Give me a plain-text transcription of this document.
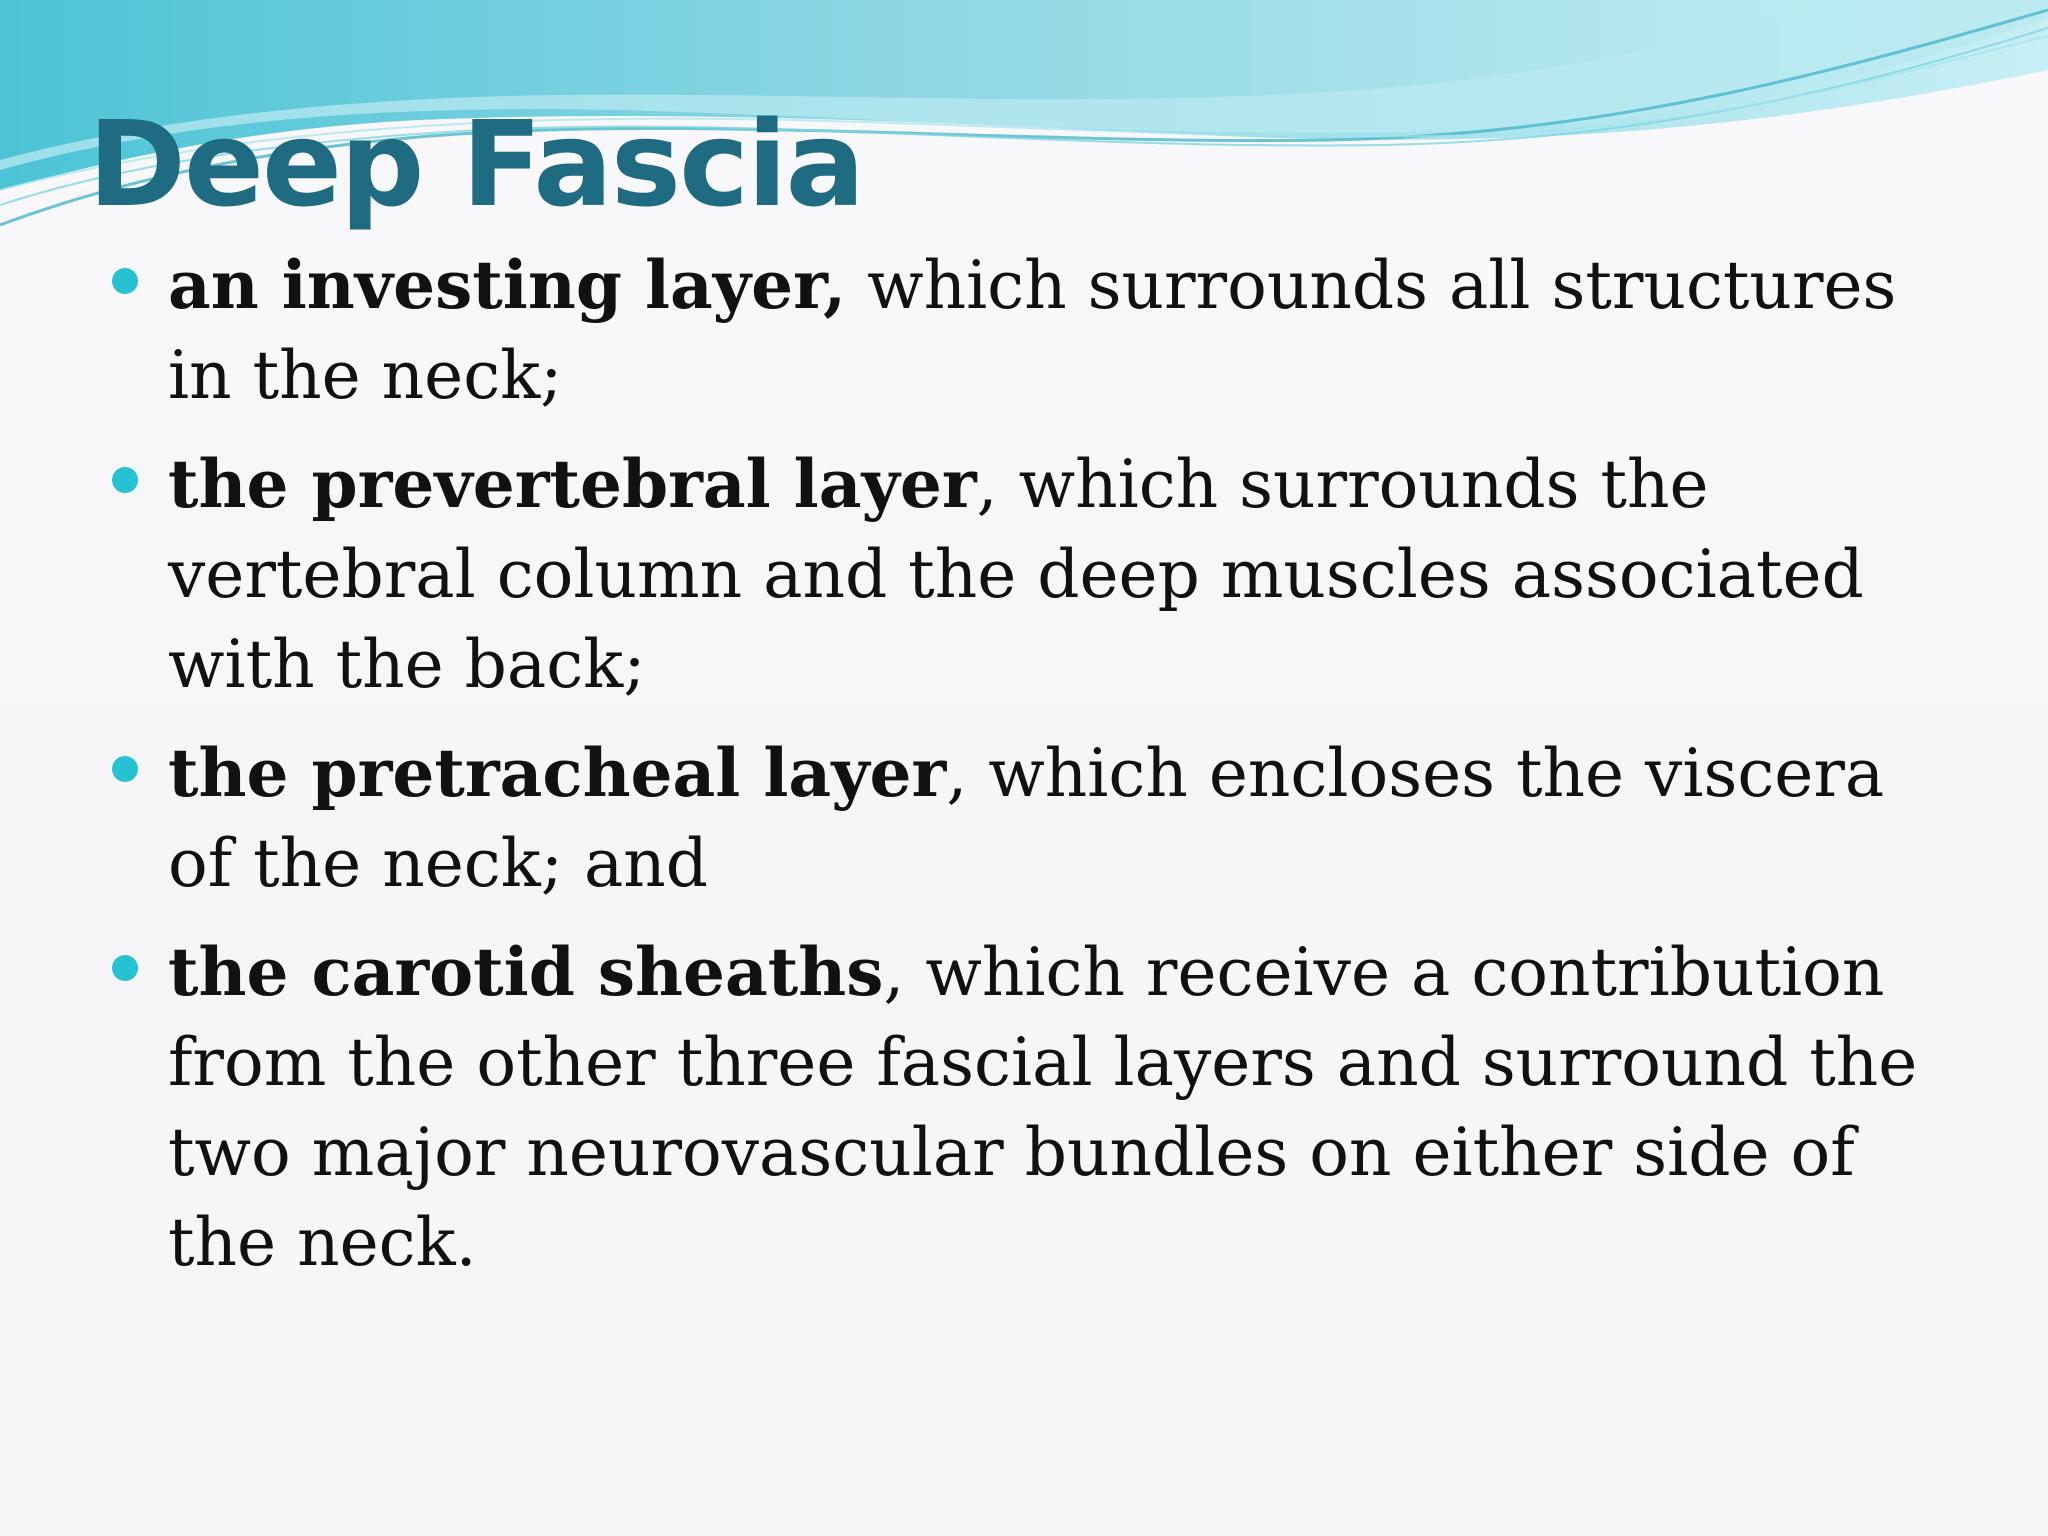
Deep Fascia
an investing layer, which surrounds all structures in the neck;
the prevertebral layer, which surrounds the vertebral column and the deep muscles associated with the back;
the pretracheal layer, which encloses the viscera of the neck; and
the carotid sheaths, which receive a contribution from the other three fascial layers and surround the two major neurovascular bundles on either side of the neck.
